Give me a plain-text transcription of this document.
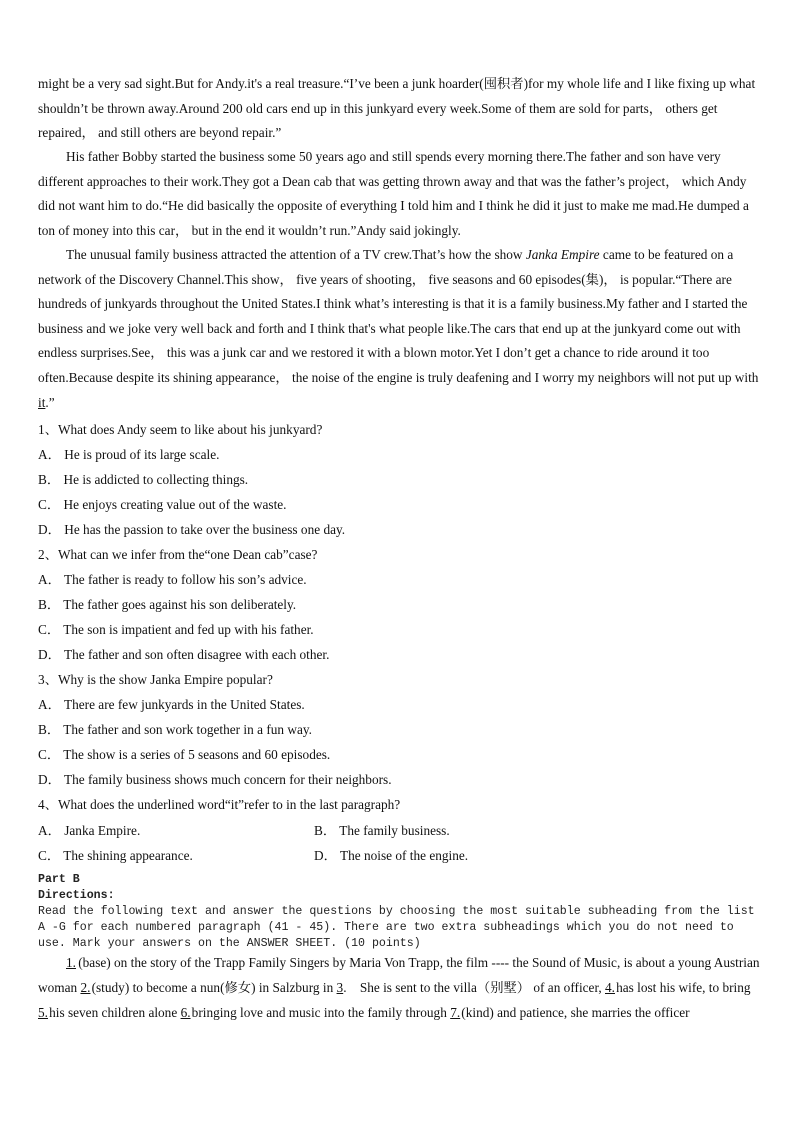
might be a very sad sight.But for Andy.it's a real treasure.“I’ve been a junk hoarder(囤积者)for my whole life and I like fixing up what shouldn’t be thrown away.Around 200 old cars end up in this junkyard every week.Some of them are sold for parts， others get repaired， and still others are beyond repair.”

His father Bobby started the business some 50 years ago and still spends every morning there.The father and son have very different approaches to their work.They got a Dean cab that was getting thrown away and that was the father’s project， which Andy did not want him to do.“He did basically the opposite of everything I told him and I think he did it just to make me mad.He dumped a ton of money into this car， but in the end it wouldn’t run.”Andy said jokingly.

The unusual family business attracted the attention of a TV crew.That’s how the show Janka Empire came to be featured on a network of the Discovery Channel.This show， five years of shooting， five seasons and 60 episodes(集)， is popular.“There are hundreds of junkyards throughout the United States.I think what’s interesting is that it is a family business.My father and I started the business and we joke very well back and forth and I think that's what people like.The cars that end up at the junkyard come out with endless surprises.See， this was a junk car and we restored it with a blown motor.Yet I don’t get a chance to ride around it too often.Because despite its shining appearance， the noise of the engine is truly deafening and I worry my neighbors will not put up with it.”

1、What does Andy seem to like about his junkyard?
A． He is proud of its large scale.
B． He is addicted to collecting things.
C． He enjoys creating value out of the waste.
D． He has the passion to take over the business one day.
2、What can we infer from the“one Dean cab”case?
A． The father is ready to follow his son’s advice.
B． The father goes against his son deliberately.
C． The son is impatient and fed up with his father.
D． The father and son often disagree with each other.
3、Why is the show Janka Empire popular?
A． There are few junkyards in the United States.
B． The father and son work together in a fun way.
C． The show is a series of 5 seasons and 60 episodes.
D． The family business shows much concern for their neighbors.
4、What does the underlined word“it”refer to in the last paragraph?
A． Janka Empire.	B． The family business.
C． The shining appearance.	D． The noise of the engine.
Part B
Directions:

Read the following text and answer the questions by choosing the most suitable subheading from the list A -G for each numbered paragraph (41 - 45). There are two extra subheadings which you do not need to use. Mark your answers on the ANSWER SHEET. (10 points)

1.   (base) on the story of the Trapp Family Singers by Maria Von Trapp, the film ---- the Sound of Music, is about a young Austrian woman 2. (study) to become a nun(修女) in Salzburg in 3.　She is sent to the villa（别墅） of an officer, 4. has lost his wife, to bring 5. his seven children alone 6. bringing love and music into the family through 7. (kind) and patience, she marries the officer
